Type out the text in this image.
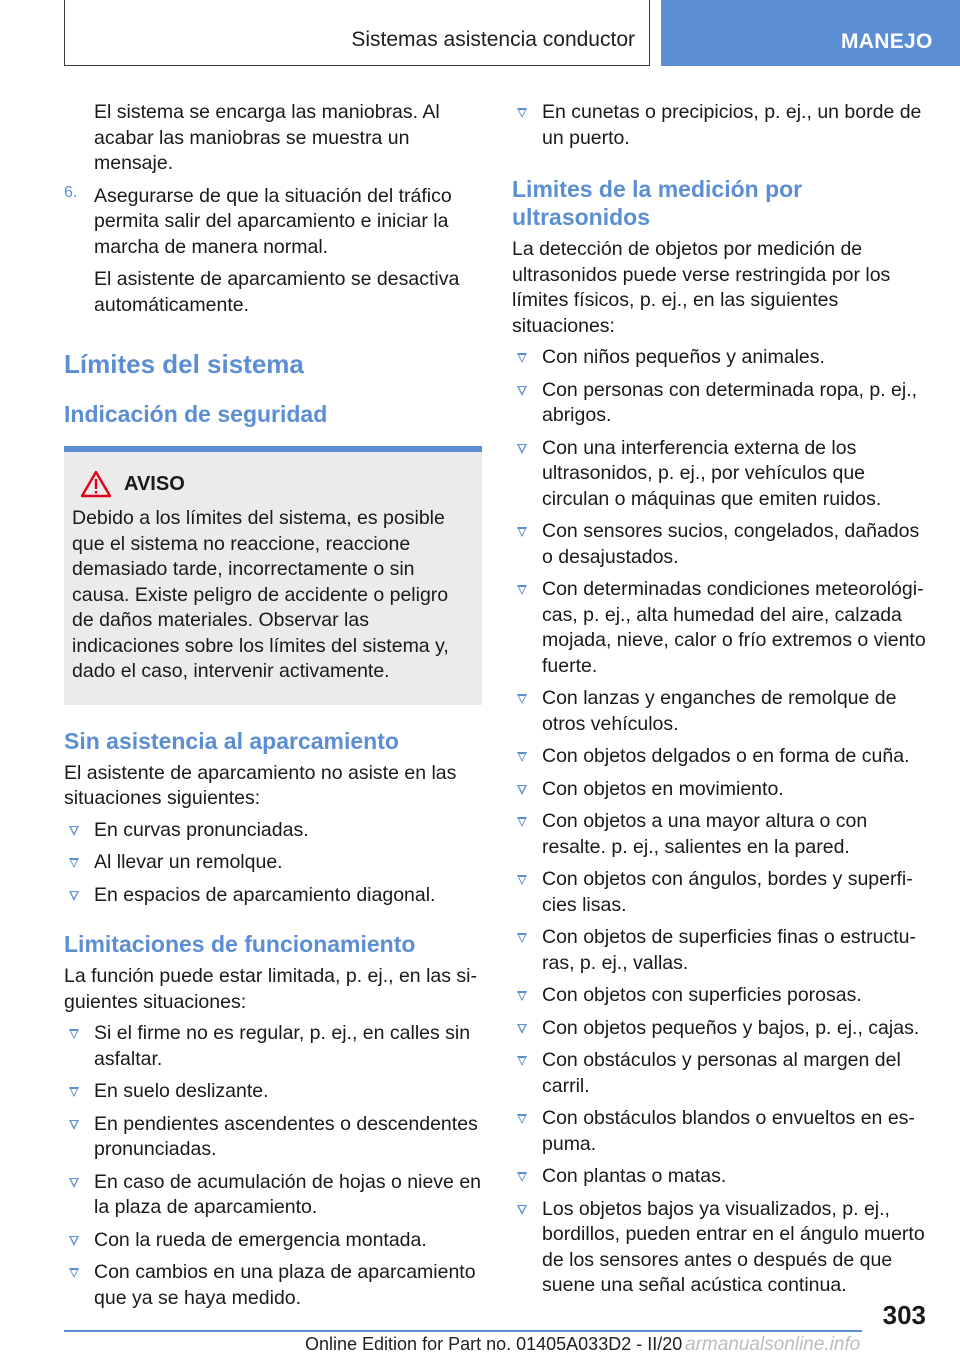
Sistemas asistencia conductor	MANEJO

El sistema se encarga las maniobras. Al acabar las maniobras se muestra un mensaje.

6. Asegurarse de que la situación del tráfico permita salir del aparcamiento e iniciar la marcha de manera normal.

El asistente de aparcamiento se desactiva automáticamente.

Límites del sistema
Indicación de seguridad
AVISO

Debido a los límites del sistema, es posible que el sistema no reaccione, reaccione demasiado tarde, incorrectamente o sin causa. Existe peligro de accidente o peligro de daños materiales. Observar las indicaciones sobre los límites del sistema y, dado el caso, intervenir activamente.

Sin asistencia al aparcamiento

El asistente de aparcamiento no asiste en las situaciones siguientes:

En curvas pronunciadas.
Al llevar un remolque.
En espacios de aparcamiento diagonal.
Limitaciones de funcionamiento

La función puede estar limitada, p. ej., en las siguientes situaciones:

Si el firme no es regular, p. ej., en calles sin asfaltar.
En suelo deslizante.
En pendientes ascendentes o descendentes pronunciadas.
En caso de acumulación de hojas o nieve en la plaza de aparcamiento.
Con la rueda de emergencia montada.
Con cambios en una plaza de aparcamiento que ya se haya medido.
En cunetas o precipicios, p. ej., un borde de un puerto.
Limites de la medición por ultrasonidos

La detección de objetos por medición de ultrasonidos puede verse restringida por los límites físicos, p. ej., en las siguientes situaciones:

Con niños pequeños y animales.
Con personas con determinada ropa, p. ej., abrigos.
Con una interferencia externa de los ultrasonidos, p. ej., por vehículos que circulan o máquinas que emiten ruidos.
Con sensores sucios, congelados, dañados o desajustados.
Con determinadas condiciones meteorológicas, p. ej., alta humedad del aire, calzada mojada, nieve, calor o frío extremos o viento fuerte.
Con lanzas y enganches de remolque de otros vehículos.
Con objetos delgados o en forma de cuña.
Con objetos en movimiento.
Con objetos a una mayor altura o con resalte. p. ej., salientes en la pared.
Con objetos con ángulos, bordes y superficies lisas.
Con objetos de superficies finas o estructuras, p. ej., vallas.
Con objetos con superficies porosas.
Con objetos pequeños y bajos, p. ej., cajas.
Con obstáculos y personas al margen del carril.
Con obstáculos blandos o envueltos en espuma.
Con plantas o matas.
Los objetos bajos ya visualizados, p. ej., bordillos, pueden entrar en el ángulo muerto de los sensores antes o después de que suene una señal acústica continua.
303
Online Edition for Part no. 01405A033D2 - II/20 armanualsonline.info
